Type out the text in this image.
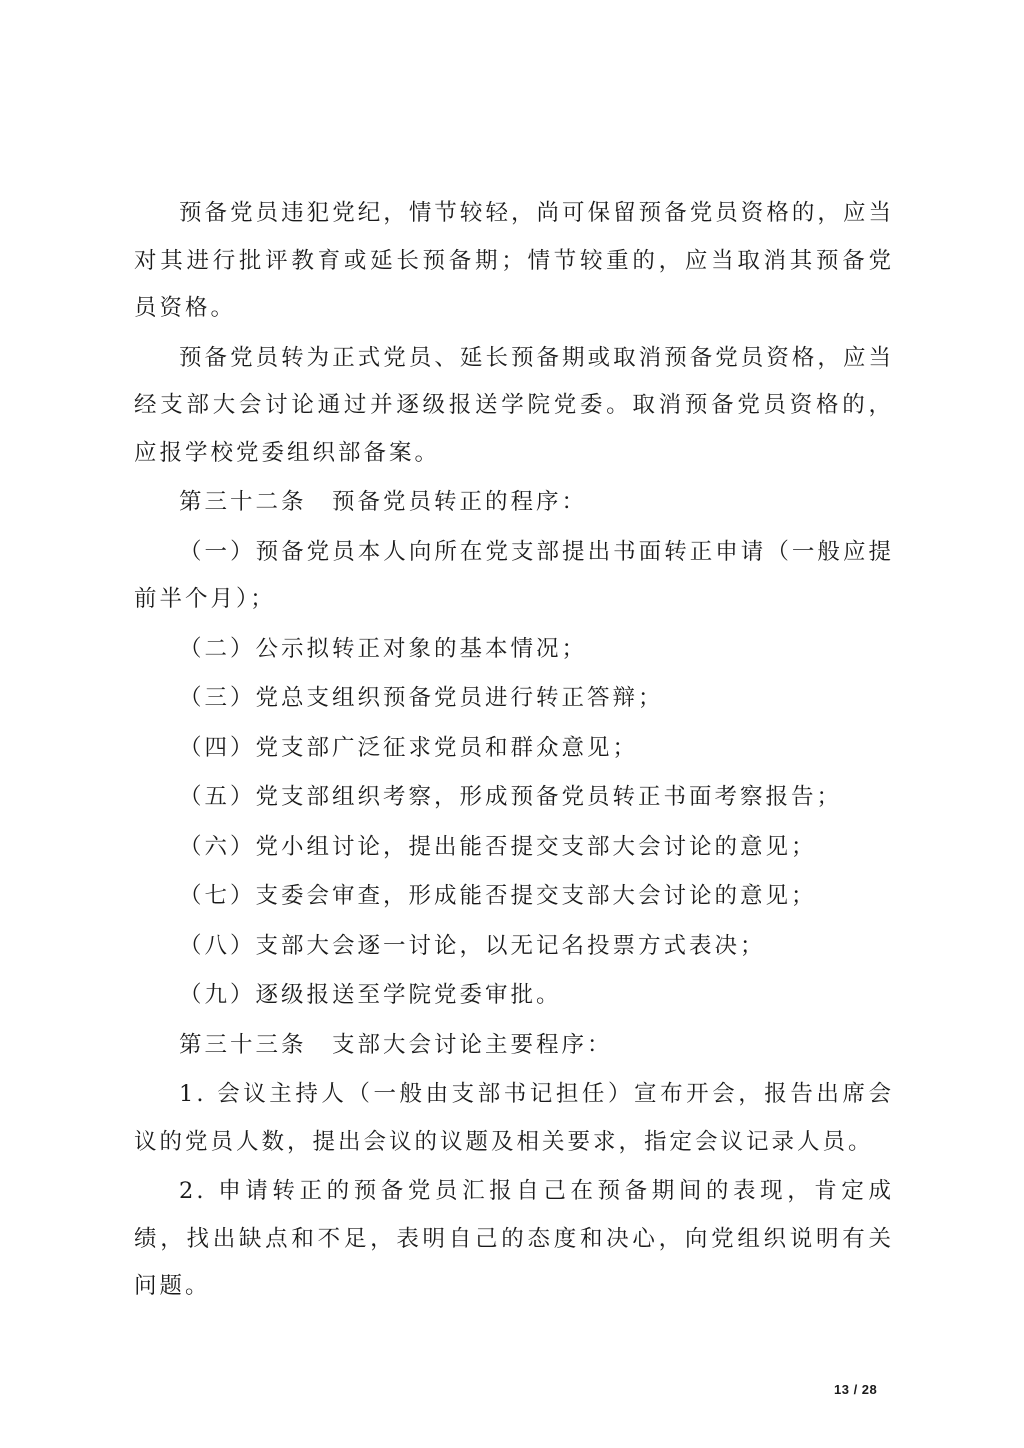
预备党员违犯党纪，情节较轻，尚可保留预备党员资格的，应当对其进行批评教育或延长预备期；情节较重的，应当取消其预备党员资格。

预备党员转为正式党员、延长预备期或取消预备党员资格，应当经支部大会讨论通过并逐级报送学院党委。取消预备党员资格的，应报学校党委组织部备案。

第三十二条　预备党员转正的程序：

（一）预备党员本人向所在党支部提出书面转正申请（一般应提前半个月）；

（二）公示拟转正对象的基本情况；

（三）党总支组织预备党员进行转正答辩；

（四）党支部广泛征求党员和群众意见；

（五）党支部组织考察，形成预备党员转正书面考察报告；

（六）党小组讨论，提出能否提交支部大会讨论的意见；

（七）支委会审查，形成能否提交支部大会讨论的意见；

（八）支部大会逐一讨论，以无记名投票方式表决；

（九）逐级报送至学院党委审批。

第三十三条　支部大会讨论主要程序：

1. 会议主持人（一般由支部书记担任）宣布开会，报告出席会议的党员人数，提出会议的议题及相关要求，指定会议记录人员。

2. 申请转正的预备党员汇报自己在预备期间的表现，肯定成绩，找出缺点和不足，表明自己的态度和决心，向党组织说明有关问题。

13 / 28
